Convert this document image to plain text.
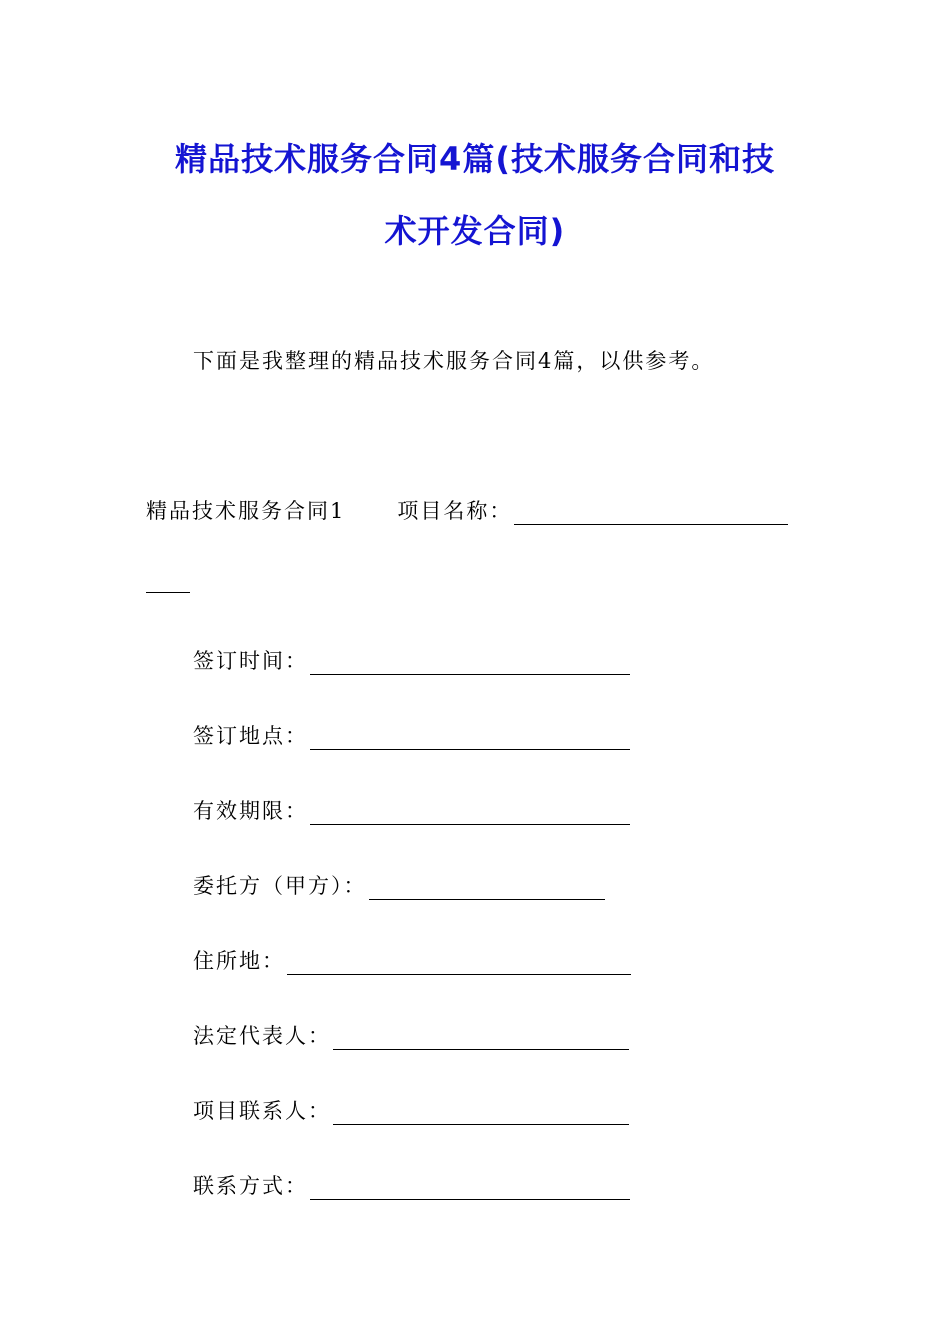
精品技术服务合同4篇(技术服务合同和技
术开发合同)
下面是我整理的精品技术服务合同4篇，以供参考。
精品技术服务合同1 项目名称：
签订时间：
签订地点：
有效期限：
委托方（甲方）：
住所地：
法定代表人：
项目联系人：
联系方式：
